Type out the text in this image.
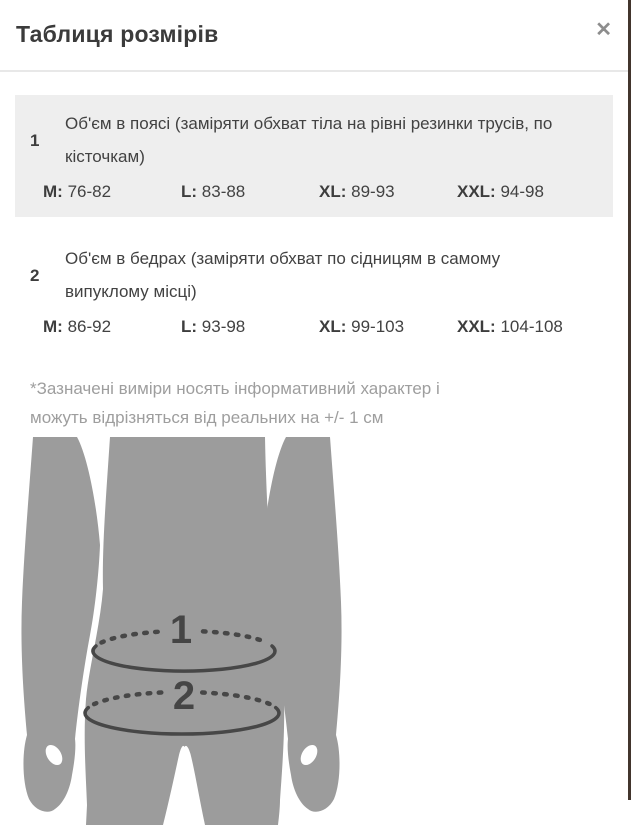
Таблиця розмірів	✕
1

Об'єм в поясі (заміряти обхват тіла на рівні резинки трусів, по кісточкам)

M: 76-82	L: 83-88	XL: 89-93	XXL: 94-98
2

Об'єм в бедрах (заміряти обхват по сідницям в самому випуклому місці)

M: 86-92	L: 93-98	XL: 99-103	XXL: 104-108

*Зазначені виміри носять інформативний характер і можуть відрізняться від реальних на +/- 1 см

1
2
